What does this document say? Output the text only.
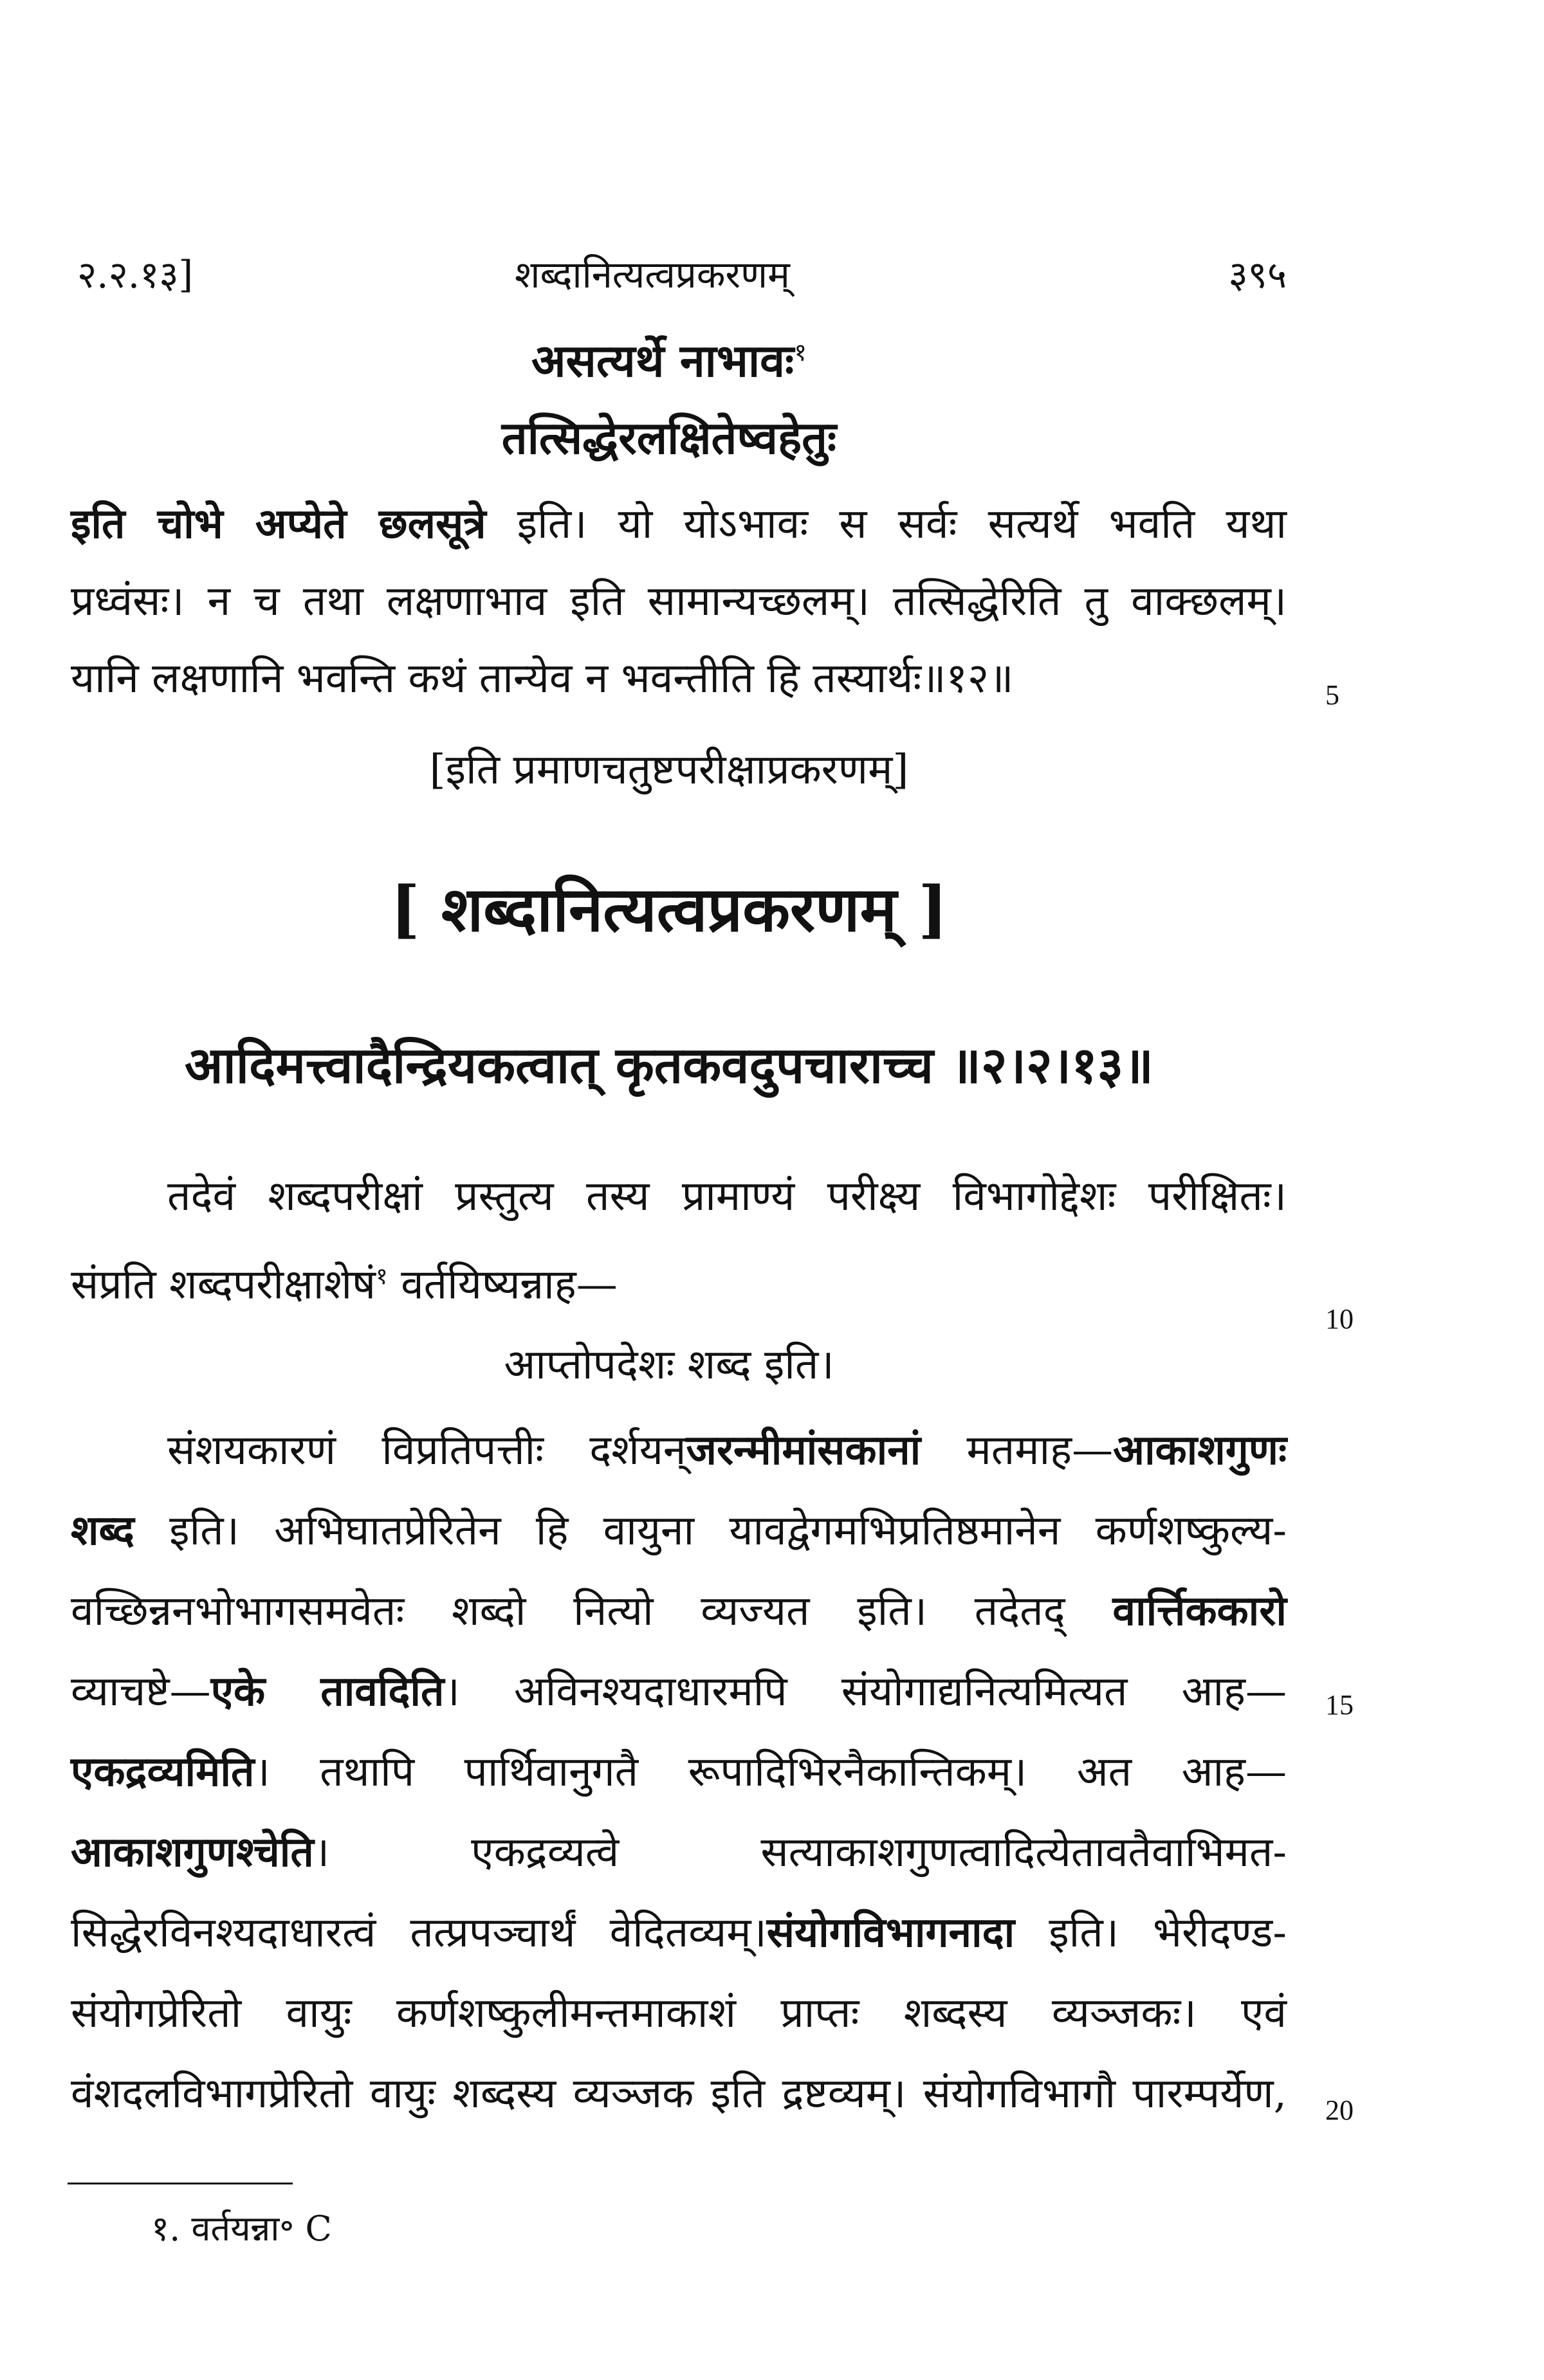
२.२.१३]	शब्दानित्यत्वप्रकरणम्	३९५
असत्यर्थे नाभावः$^१$
तत्सिद्धेरलक्षितेष्वहेतुः
इति चोभे अप्येते छलसूत्रे इति। यो योऽभावः स सर्वः सत्यर्थे भवति यथा
प्रध्वंसः। न च तथा लक्षणाभाव इति सामान्यच्छलम्। तत्सिद्धेरिति तु वाक्छलम्।
यानि लक्षणानि भवन्ति कथं तान्येव न भवन्तीति हि तस्यार्थः॥१२॥
[इति प्रमाणचतुष्टपरीक्षाप्रकरणम्]
[ शब्दानित्यत्वप्रकरणम् ]
आदिमत्त्वादैन्द्रियकत्वात् कृतकवदुपचाराच्च ॥२।२।१३॥
तदेवं शब्दपरीक्षां प्रस्तुत्य तस्य प्रामाण्यं परीक्ष्य विभागोद्देशः परीक्षितः।
संप्रति शब्दपरीक्षाशेषं$^१$ वर्तयिष्यन्नाह—
आप्तोपदेशः शब्द इति।
संशयकारणं विप्रतिपत्तीः दर्शयन्जरन्मीमांसकानां मतमाह—आकाशगुणः
शब्द इति। अभिघातप्रेरितेन हि वायुना यावद्वेगमभिप्रतिष्ठमानेन कर्णशष्कुल्य-
वच्छिन्ननभोभागसमवेतः शब्दो नित्यो व्यज्यत इति। तदेतद् वार्त्तिककारो
व्याचष्टे—एके तावदिति। अविनश्यदाधारमपि संयोगाद्यनित्यमित्यत आह—
एकद्रव्यमिति। तथापि पार्थिवानुगतै रूपादिभिरनैकान्तिकम्। अत आह—
आकाशगुणश्चेति। एकद्रव्यत्वे सत्याकाशगुणत्वादित्येतावतैवाभिमत-
सिद्धेरविनश्यदाधारत्वं तत्प्रपञ्चार्थं वेदितव्यम्।संयोगविभागनादा इति। भेरीदण्ड-
संयोगप्रेरितो वायुः कर्णशष्कुलीमन्तमाकाशं प्राप्तः शब्दस्य व्यञ्जकः। एवं
वंशदलविभागप्रेरितो वायुः शब्दस्य व्यञ्जक इति द्रष्टव्यम्। संयोगविभागौ पारम्पर्येण,
5
10
15
20
१. वर्तयन्ना॰ C
